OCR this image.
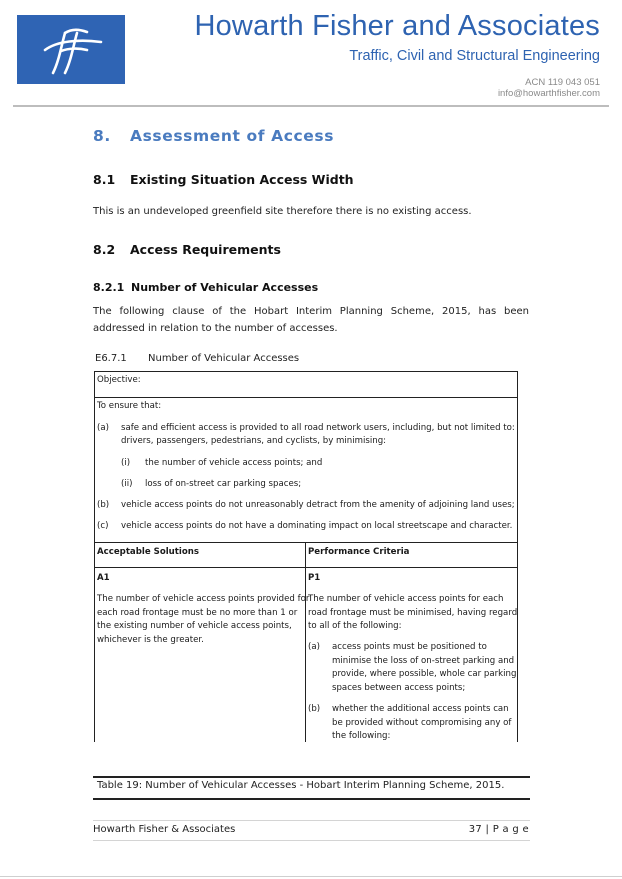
Howarth Fisher and Associates
Traffic, Civil and Structural Engineering
ACN 119 043 051
info@howarthfisher.com
8. Assessment of Access
8.1 Existing Situation Access Width
This is an undeveloped greenfield site therefore there is no existing access.
8.2 Access Requirements
8.2.1 Number of Vehicular Accesses
The following clause of the Hobart Interim Planning Scheme, 2015, has been addressed in relation to the number of accesses.
E6.7.1 Number of Vehicular Accesses
Objective:
To ensure that:
(a) safe and efficient access is provided to all road network users, including, but not limited to:
drivers, passengers, pedestrians, and cyclists, by minimising:
(i) the number of vehicle access points; and
(ii) loss of on-street car parking spaces;
(b) vehicle access points do not unreasonably detract from the amenity of adjoining land uses;
(c) vehicle access points do not have a dominating impact on local streetscape and character.
Acceptable Solutions	Performance Criteria
A1
The number of vehicle access points provided for
each road frontage must be no more than 1 or
the existing number of vehicle access points,
whichever is the greater.
P1
The number of vehicle access points for each
road frontage must be minimised, having regard
to all of the following:
(a) access points must be positioned to
minimise the loss of on-street parking and
provide, where possible, whole car parking
spaces between access points;
(b) whether the additional access points can
be provided without compromising any of
the following:
Table 19: Number of Vehicular Accesses - Hobart Interim Planning Scheme, 2015.
Howarth Fisher & Associates	37 | P a g e
